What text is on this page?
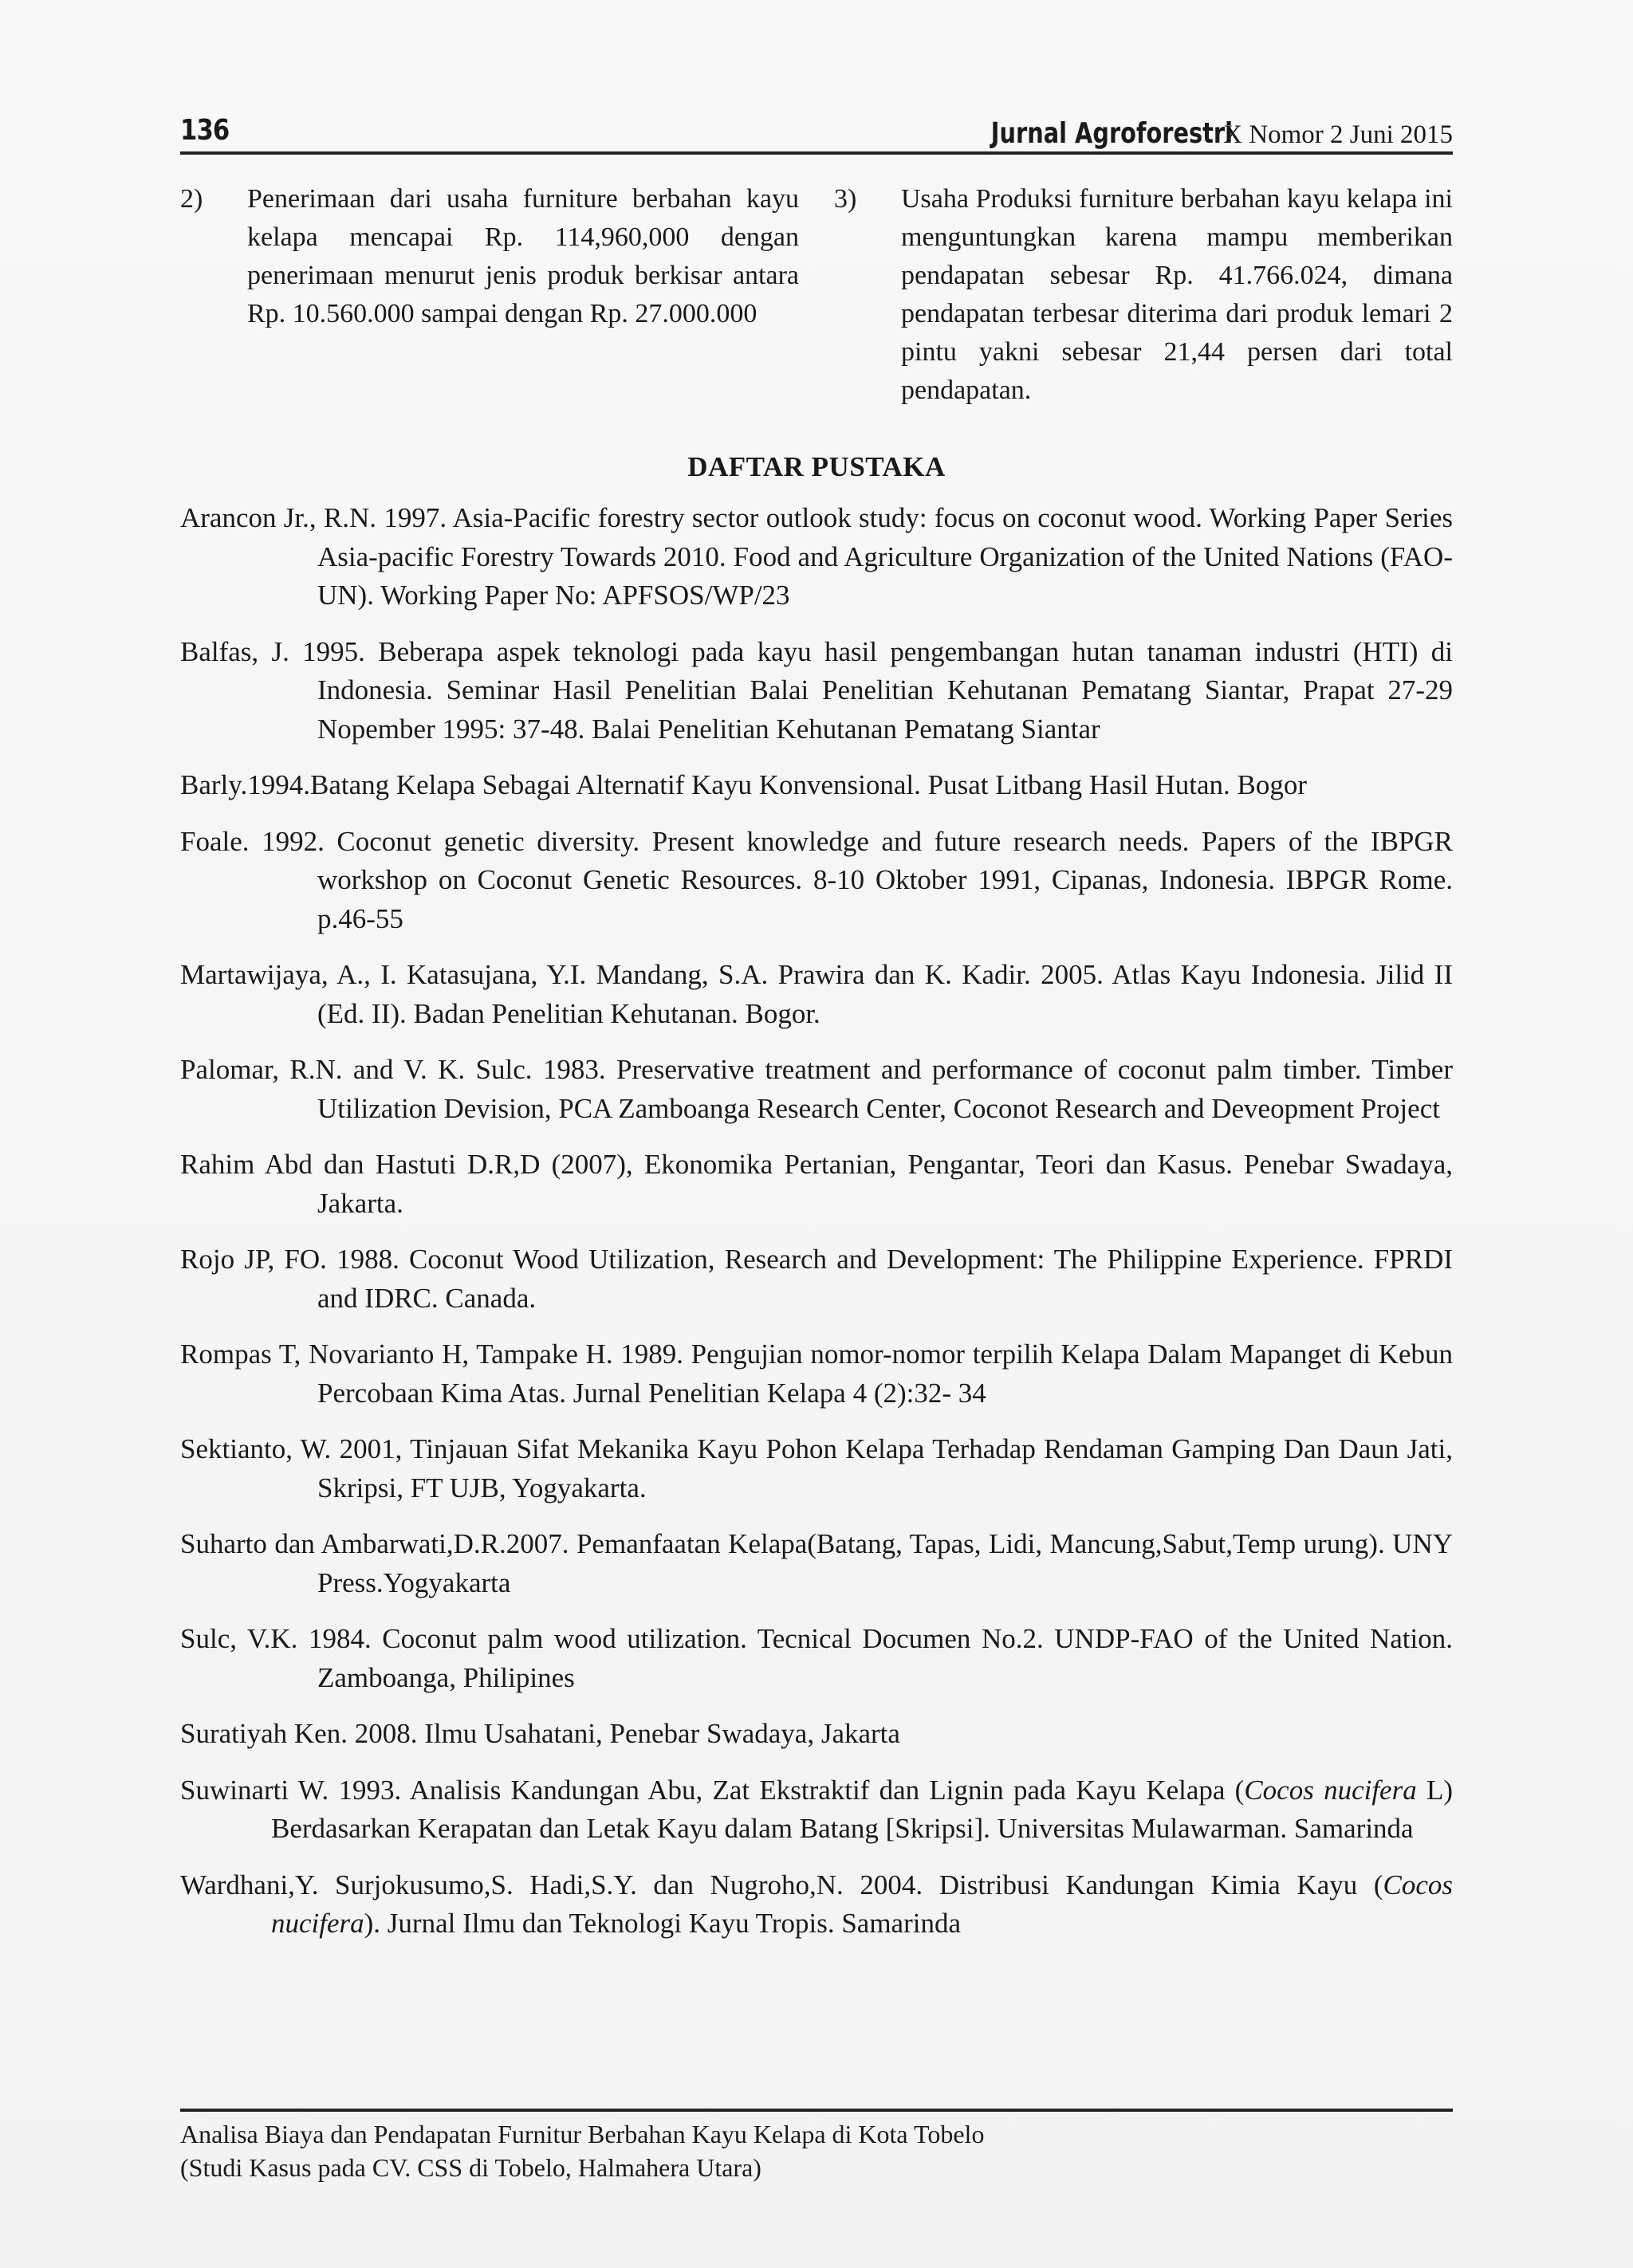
136	Jurnal Agroforestri X Nomor 2 Juni 2015
2) Penerimaan dari usaha furniture berbahan kayu kelapa mencapai Rp. 114,960,000 dengan penerimaan menurut jenis produk berkisar antara Rp. 10.560.000 sampai dengan Rp. 27.000.000
3) Usaha Produksi furniture berbahan kayu kelapa ini menguntungkan karena mampu memberikan pendapatan sebesar Rp. 41.766.024, dimana pendapatan terbesar diterima dari produk lemari 2 pintu yakni sebesar 21,44 persen dari total pendapatan.
DAFTAR PUSTAKA
Arancon Jr., R.N. 1997. Asia-Pacific forestry sector outlook study: focus on coconut wood. Working Paper Series Asia-pacific Forestry Towards 2010. Food and Agriculture Organization of the United Nations (FAO-UN). Working Paper No: APFSOS/WP/23
Balfas, J. 1995. Beberapa aspek teknologi pada kayu hasil pengembangan hutan tanaman industri (HTI) di Indonesia. Seminar Hasil Penelitian Balai Penelitian Kehutanan Pematang Siantar, Prapat 27-29 Nopember 1995: 37-48. Balai Penelitian Kehutanan Pematang Siantar
Barly.1994.Batang Kelapa Sebagai Alternatif Kayu Konvensional. Pusat Litbang Hasil Hutan. Bogor
Foale. 1992. Coconut genetic diversity. Present knowledge and future research needs. Papers of the IBPGR workshop on Coconut Genetic Resources. 8-10 Oktober 1991, Cipanas, Indonesia. IBPGR Rome. p.46-55
Martawijaya, A., I. Katasujana, Y.I. Mandang, S.A. Prawira dan K. Kadir. 2005. Atlas Kayu Indonesia. Jilid II (Ed. II). Badan Penelitian Kehutanan. Bogor.
Palomar, R.N. and V. K. Sulc. 1983. Preservative treatment and performance of coconut palm timber. Timber Utilization Devision, PCA Zamboanga Research Center, Coconot Research and Deveopment Project
Rahim Abd dan Hastuti D.R,D (2007), Ekonomika Pertanian, Pengantar, Teori dan Kasus. Penebar Swadaya, Jakarta.
Rojo JP, FO. 1988. Coconut Wood Utilization, Research and Development: The Philippine Experience. FPRDI and IDRC. Canada.
Rompas T, Novarianto H, Tampake H. 1989. Pengujian nomor-nomor terpilih Kelapa Dalam Mapanget di Kebun Percobaan Kima Atas. Jurnal Penelitian Kelapa 4 (2):32- 34
Sektianto, W. 2001, Tinjauan Sifat Mekanika Kayu Pohon Kelapa Terhadap Rendaman Gamping Dan Daun Jati, Skripsi, FT UJB, Yogyakarta.
Suharto dan Ambarwati,D.R.2007. Pemanfaatan Kelapa(Batang, Tapas, Lidi, Mancung,Sabut,Temp urung). UNY Press.Yogyakarta
Sulc, V.K. 1984. Coconut palm wood utilization. Tecnical Documen No.2. UNDP-FAO of the United Nation. Zamboanga, Philipines
Suratiyah Ken. 2008. Ilmu Usahatani, Penebar Swadaya, Jakarta
Suwinarti W. 1993. Analisis Kandungan Abu, Zat Ekstraktif dan Lignin pada Kayu Kelapa (Cocos nucifera L) Berdasarkan Kerapatan dan Letak Kayu dalam Batang [Skripsi]. Universitas Mulawarman. Samarinda
Wardhani,Y. Surjokusumo,S. Hadi,S.Y. dan Nugroho,N. 2004. Distribusi Kandungan Kimia Kayu (Cocos nucifera). Jurnal Ilmu dan Teknologi Kayu Tropis. Samarinda
Analisa Biaya dan Pendapatan Furnitur Berbahan Kayu Kelapa di Kota Tobelo
(Studi Kasus pada CV. CSS di Tobelo, Halmahera Utara)
